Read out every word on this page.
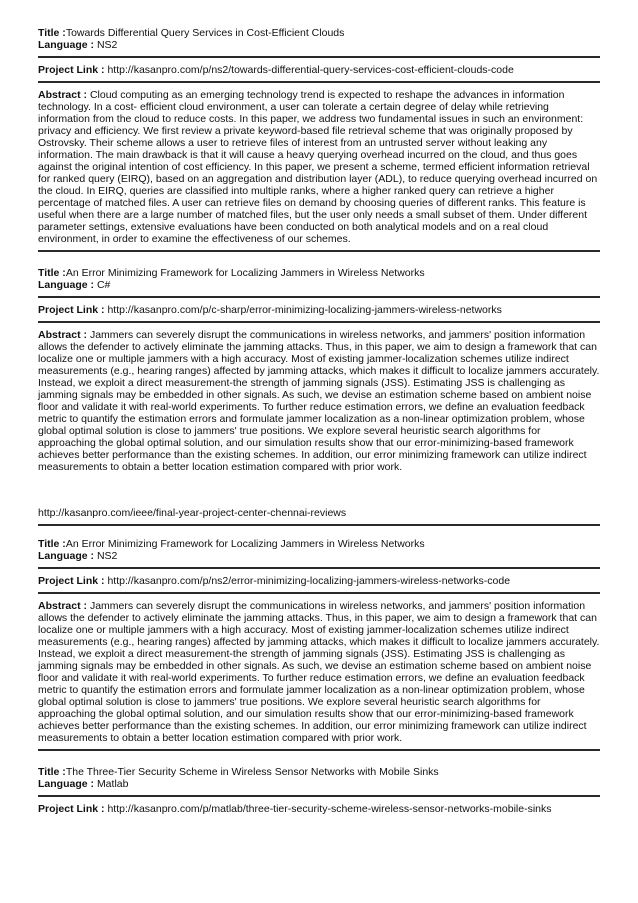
Title :Towards Differential Query Services in Cost-Efficient Clouds
Language : NS2
Project Link : http://kasanpro.com/p/ns2/towards-differential-query-services-cost-efficient-clouds-code
Abstract : Cloud computing as an emerging technology trend is expected to reshape the advances in information technology. In a cost- efficient cloud environment, a user can tolerate a certain degree of delay while retrieving information from the cloud to reduce costs. In this paper, we address two fundamental issues in such an environment: privacy and efficiency. We first review a private keyword-based file retrieval scheme that was originally proposed by Ostrovsky. Their scheme allows a user to retrieve files of interest from an untrusted server without leaking any information. The main drawback is that it will cause a heavy querying overhead incurred on the cloud, and thus goes against the original intention of cost efficiency. In this paper, we present a scheme, termed efficient information retrieval for ranked query (EIRQ), based on an aggregation and distribution layer (ADL), to reduce querying overhead incurred on the cloud. In EIRQ, queries are classified into multiple ranks, where a higher ranked query can retrieve a higher percentage of matched files. A user can retrieve files on demand by choosing queries of different ranks. This feature is useful when there are a large number of matched files, but the user only needs a small subset of them. Under different parameter settings, extensive evaluations have been conducted on both analytical models and on a real cloud environment, in order to examine the effectiveness of our schemes.
Title :An Error Minimizing Framework for Localizing Jammers in Wireless Networks
Language : C#
Project Link : http://kasanpro.com/p/c-sharp/error-minimizing-localizing-jammers-wireless-networks
Abstract : Jammers can severely disrupt the communications in wireless networks, and jammers' position information allows the defender to actively eliminate the jamming attacks. Thus, in this paper, we aim to design a framework that can localize one or multiple jammers with a high accuracy. Most of existing jammer-localization schemes utilize indirect measurements (e.g., hearing ranges) affected by jamming attacks, which makes it difficult to localize jammers accurately. Instead, we exploit a direct measurement-the strength of jamming signals (JSS). Estimating JSS is challenging as jamming signals may be embedded in other signals. As such, we devise an estimation scheme based on ambient noise floor and validate it with real-world experiments. To further reduce estimation errors, we define an evaluation feedback metric to quantify the estimation errors and formulate jammer localization as a non-linear optimization problem, whose global optimal solution is close to jammers' true positions. We explore several heuristic search algorithms for approaching the global optimal solution, and our simulation results show that our error-minimizing-based framework achieves better performance than the existing schemes. In addition, our error minimizing framework can utilize indirect measurements to obtain a better location estimation compared with prior work.
http://kasanpro.com/ieee/final-year-project-center-chennai-reviews
Title :An Error Minimizing Framework for Localizing Jammers in Wireless Networks
Language : NS2
Project Link : http://kasanpro.com/p/ns2/error-minimizing-localizing-jammers-wireless-networks-code
Abstract : Jammers can severely disrupt the communications in wireless networks, and jammers' position information allows the defender to actively eliminate the jamming attacks. Thus, in this paper, we aim to design a framework that can localize one or multiple jammers with a high accuracy. Most of existing jammer-localization schemes utilize indirect measurements (e.g., hearing ranges) affected by jamming attacks, which makes it difficult to localize jammers accurately. Instead, we exploit a direct measurement-the strength of jamming signals (JSS). Estimating JSS is challenging as jamming signals may be embedded in other signals. As such, we devise an estimation scheme based on ambient noise floor and validate it with real-world experiments. To further reduce estimation errors, we define an evaluation feedback metric to quantify the estimation errors and formulate jammer localization as a non-linear optimization problem, whose global optimal solution is close to jammers' true positions. We explore several heuristic search algorithms for approaching the global optimal solution, and our simulation results show that our error-minimizing-based framework achieves better performance than the existing schemes. In addition, our error minimizing framework can utilize indirect measurements to obtain a better location estimation compared with prior work.
Title :The Three-Tier Security Scheme in Wireless Sensor Networks with Mobile Sinks
Language : Matlab
Project Link : http://kasanpro.com/p/matlab/three-tier-security-scheme-wireless-sensor-networks-mobile-sinks
